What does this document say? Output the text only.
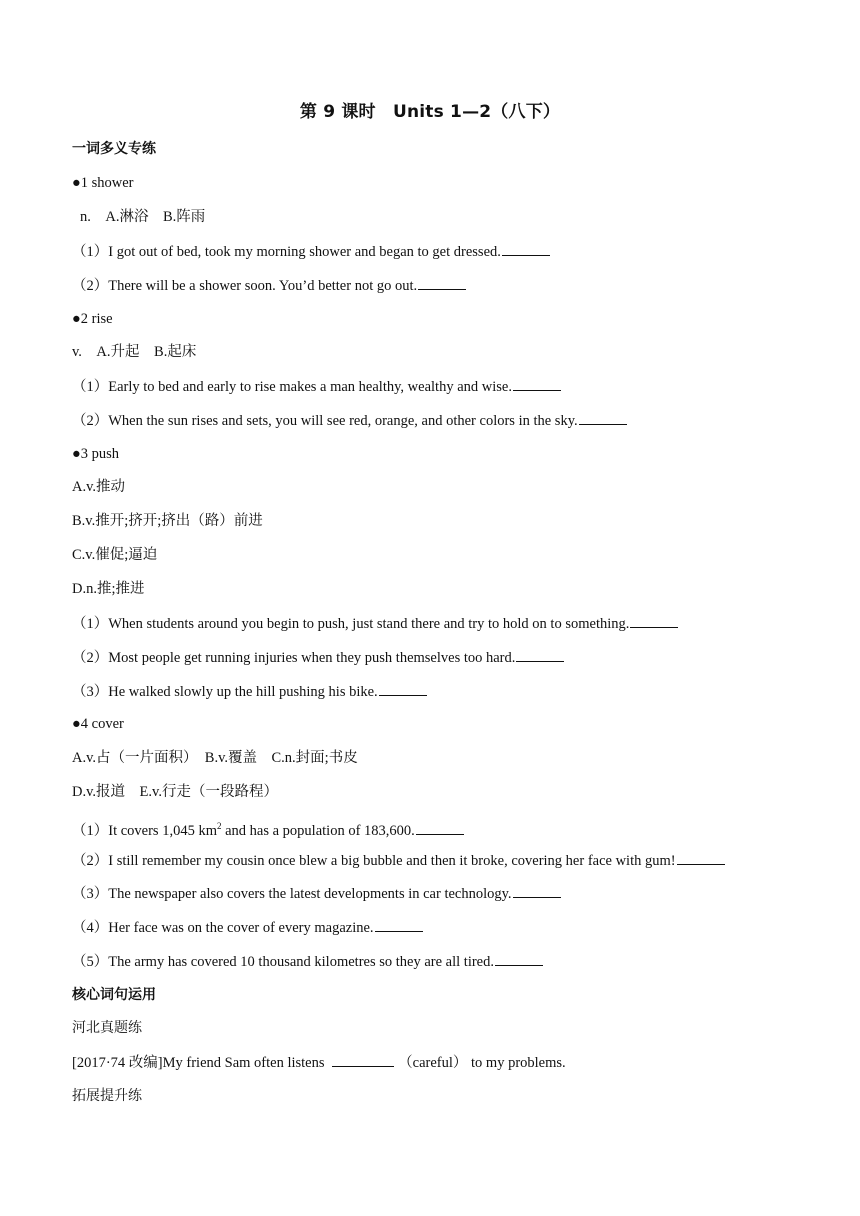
第 9 课时　Units 1—2（八下）
一词多义专练
●1 shower
n.　A.淋浴　B.阵雨
（1）I got out of bed, took my morning shower and began to get dressed.
（2）There will be a shower soon. You’d better not go out.
●2 rise
v.　A.升起　B.起床
（1）Early to bed and early to rise makes a man healthy, wealthy and wise.
（2）When the sun rises and sets, you will see red, orange, and other colors in the sky.
●3 push
A.v.推动
B.v.推开;挤开;挤出（路）前进
C.v.催促;逼迫
D.n.推;推进
（1）When students around you begin to push, just stand there and try to hold on to something.
（2）Most people get running injuries when they push themselves too hard.
（3）He walked slowly up the hill pushing his bike.
●4 cover
A.v.占（一片面积）　B.v.覆盖　C.n.封面;书皮
D.v.报道　E.v.行走（一段路程）
（1）It covers 1,045 $km^2$ and has a population of 183,600.
（2）I still remember my cousin once blew a big bubble and then it broke, covering her face with gum!
（3）The newspaper also covers the latest developments in car technology.
（4）Her face was on the cover of every magazine.
（5）The army has covered 10 thousand kilometres so they are all tired.
核心词句运用
河北真题练
[2017·74 改编]My friend Sam often listens	（careful） to my problems.
拓展提升练
